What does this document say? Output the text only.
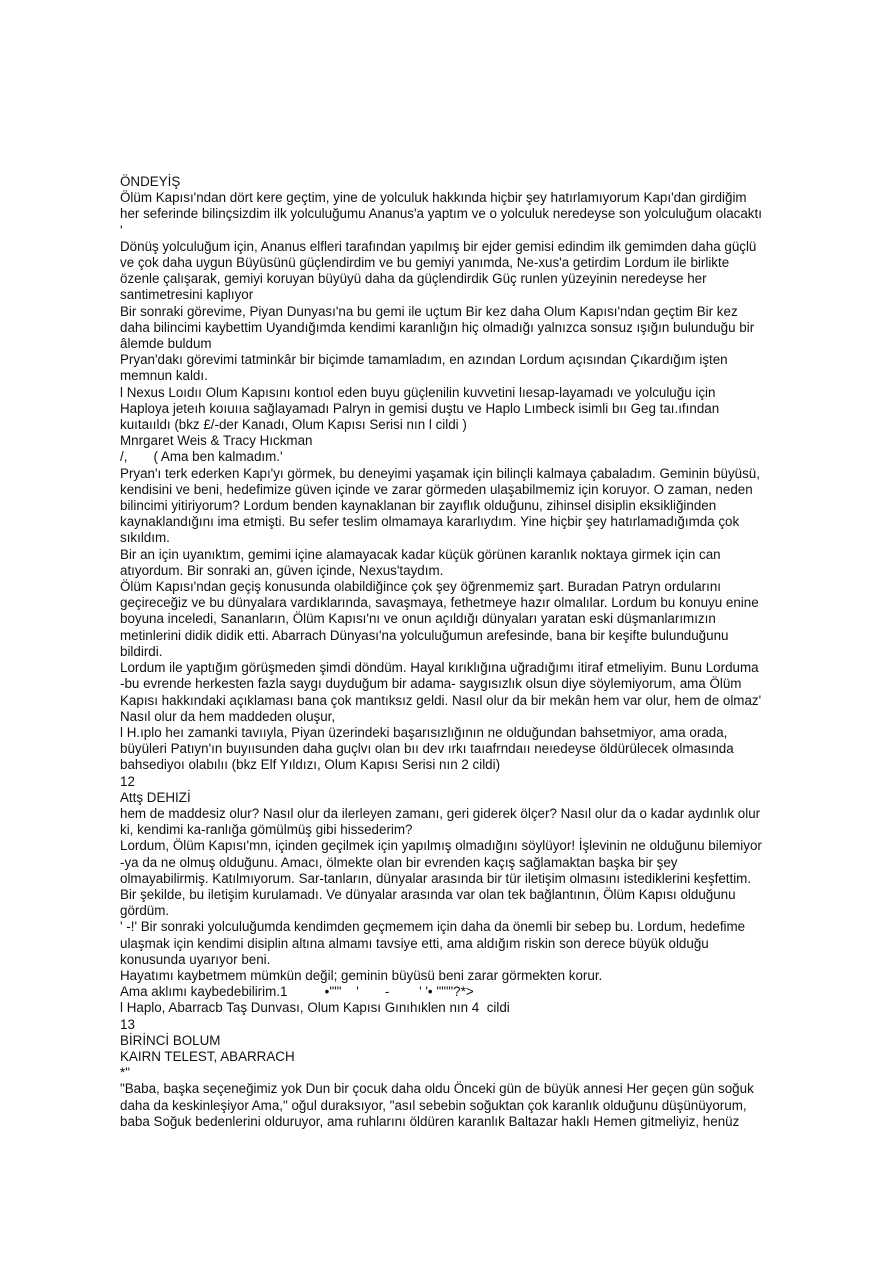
ÖNDEYİŞ
Ölüm Kapısı'ndan dört kere geçtim, yine de yolculuk hakkında hiçbir şey hatırlamıyorum Kapı'dan girdiğim
her seferinde bilinçsizdim ilk yolculuğumu Ananus'a yaptım ve o yolculuk neredeyse son yolculuğum olacaktı
'
Dönüş yolculuğum için, Ananus elfleri tarafından yapılmış bir ejder gemisi edindim ilk gemimden daha güçlü
ve çok daha uygun Büyüsünü güçlendirdim ve bu gemiyi yanımda, Ne-xus'a getirdim Lordum ile birlikte
özenle çalışarak, gemiyi koruyan büyüyü daha da güçlendirdik Güç runlen yüzeyinin neredeyse her
santimetresini kaplıyor
Bir sonraki görevime, Piyan Dunyası'na bu gemi ile uçtum Bir kez daha Olum Kapısı'ndan geçtim Bir kez
daha bilincimi kaybettim Uyandığımda kendimi karanlığın hiç olmadığı yalnızca sonsuz ışığın bulunduğu bir
âlemde buldum
Pryan'dakı görevimi tatminkâr bir biçimde tamamladım, en azından Lordum açısından Çıkardığım işten
memnun kaldı.
l Nexus Loıdıı Olum Kapısını kontıol eden buyu güçlenilin kuvvetini lıesap-layamadı ve yolculuğu için
Haploya jeteıh koıuııa sağlayamadı Palryn in gemisi duştu ve Haplo Lımbeck isimli bıı Geg taı.ıfından
kuıtaııldı (bkz £/-der Kanadı, Olum Kapısı Serisi nın l cildi )
Mnrgaret Weis & Tracy Hıckman
/,       ( Ama ben kalmadım.'
Pryan'ı terk ederken Kapı'yı görmek, bu deneyimi yaşamak için bilinçli kalmaya çabaladım. Geminin büyüsü,
kendisini ve beni, hedefimize güven içinde ve zarar görmeden ulaşabilmemiz için koruyor. O zaman, neden
bilincimi yitiriyorum? Lordum benden kaynaklanan bir zayıflık olduğunu, zihinsel disiplin eksikliğinden
kaynaklandığını ima etmişti. Bu sefer teslim olmamaya kararlıydım. Yine hiçbir şey hatırlamadığımda çok
sıkıldım.
Bir an için uyanıktım, gemimi içine alamayacak kadar küçük görünen karanlık noktaya girmek için can
atıyordum. Bir sonraki an, güven içinde, Nexus'taydım.
Ölüm Kapısı'ndan geçiş konusunda olabildiğince çok şey öğrenmemiz şart. Buradan Patryn ordularını
geçireceğiz ve bu dünyalara vardıklarında, savaşmaya, fethetmeye hazır olmalılar. Lordum bu konuyu enine
boyuna inceledi, Sananların, Ölüm Kapısı'nı ve onun açıldığı dünyaları yaratan eski düşmanlarımızın
metinlerini didik didik etti. Abarrach Dünyası'na yolculuğumun arefesinde, bana bir keşifte bulunduğunu
bildirdi.
Lordum ile yaptığım görüşmeden şimdi döndüm. Hayal kırıklığına uğradığımı itiraf etmeliyim. Bunu Lorduma
-bu evrende herkesten fazla saygı duyduğum bir adama- saygısızlık olsun diye söylemiyorum, ama Ölüm
Kapısı hakkındaki açıklaması bana çok mantıksız geldi. Nasıl olur da bir mekân hem var olur, hem de olmaz'
Nasıl olur da hem maddeden oluşur,
l H.ıplo heı zamanki tavııyla, Piyan üzerindeki başarısızlığının ne olduğundan bahsetmiyor, ama orada,
büyüleri Patıyn'ın buyıısunden daha guçlvı olan bıı dev ırkı taıafrndaıı neıedeyse öldürülecek olmasında
bahsediyoı olabılıı (bkz Elf Yıldızı, Olum Kapısı Serisi nın 2 cildi)
12
Attş DEHIZİ
hem de maddesiz olur? Nasıl olur da ilerleyen zamanı, geri giderek ölçer? Nasıl olur da o kadar aydınlık olur
ki, kendimi ka-ranlığa gömülmüş gibi hissederim?
Lordum, Ölüm Kapısı'mn, içinden geçilmek için yapılmış olmadığını söylüyor! İşlevinin ne olduğunu bilemiyor
-ya da ne olmuş olduğunu. Amacı, ölmekte olan bir evrenden kaçış sağlamaktan başka bir şey
olmayabilirmiş. Katılmıyorum. Sar-tanların, dünyalar arasında bir tür iletişim olmasını istediklerini keşfettim.
Bir şekilde, bu iletişim kurulamadı. Ve dünyalar arasında var olan tek bağlantının, Ölüm Kapısı olduğunu
gördüm.
' -!' Bir sonraki yolculuğumda kendimden geçmemem için daha da önemli bir sebep bu. Lordum, hedefime
ulaşmak için kendimi disiplin altına almamı tavsiye etti, ama aldığım riskin son derece büyük olduğu
konusunda uyarıyor beni.
Hayatımı kaybetmem mümkün değil; geminin büyüsü beni zarar görmekten korur.
Ama aklımı kaybedebilirim.1          •'""    '       -        ' '• '"""?*>
l Haplo, Abarracb Taş Dunvası, Olum Kapısı Gınıhıklen nın 4  cildi
13
BİRİNCİ BOLUM
KAIRN TELEST, ABARRACH
*"
"Baba, başka seçeneğimiz yok Dun bir çocuk daha oldu Önceki gün de büyük annesi Her geçen gün soğuk
daha da keskinleşiyor Ama," oğul duraksıyor, "asıl sebebin soğuktan çok karanlık olduğunu düşünüyorum,
baba Soğuk bedenlerini olduruyor, ama ruhlarını öldüren karanlık Baltazar haklı Hemen gitmeliyiz, henüz
